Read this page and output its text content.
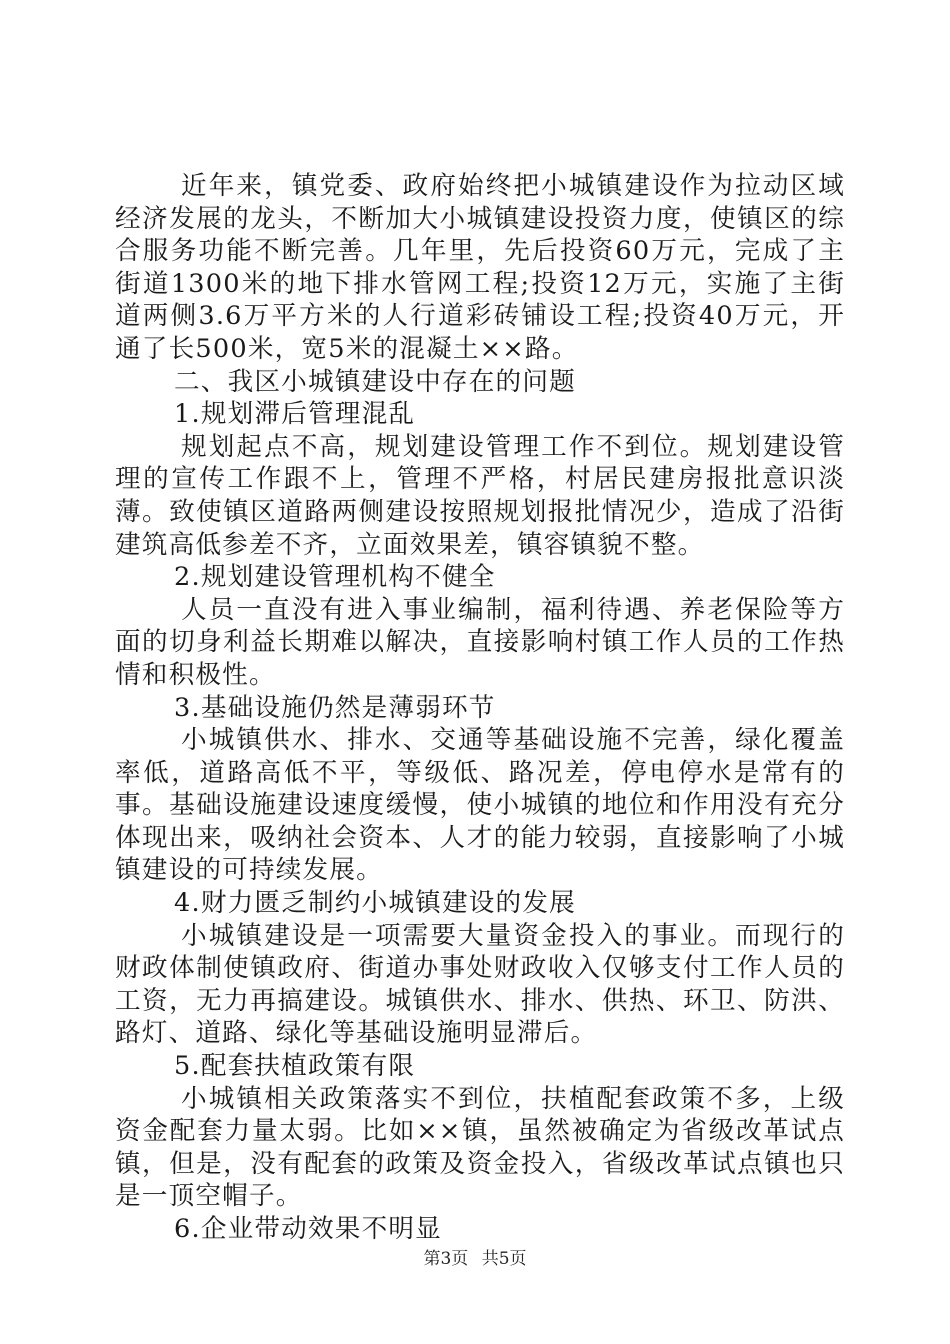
近年来，镇党委、政府始终把小城镇建设作为拉动区域经济发展的龙头，不断加大小城镇建设投资力度，使镇区的综合服务功能不断完善。几年里，先后投资60万元，完成了主街道1300米的地下排水管网工程;投资12万元，实施了主街道两侧3.6万平方米的人行道彩砖铺设工程;投资40万元，开通了长500米，宽5米的混凝土××路。

二、我区小城镇建设中存在的问题

1.规划滞后管理混乱

规划起点不高，规划建设管理工作不到位。规划建设管理的宣传工作跟不上，管理不严格，村居民建房报批意识淡薄。致使镇区道路两侧建设按照规划报批情况少，造成了沿街建筑高低参差不齐，立面效果差，镇容镇貌不整。

2.规划建设管理机构不健全

人员一直没有进入事业编制，福利待遇、养老保险等方面的切身利益长期难以解决，直接影响村镇工作人员的工作热情和积极性。

3.基础设施仍然是薄弱环节

小城镇供水、排水、交通等基础设施不完善，绿化覆盖率低，道路高低不平，等级低、路况差，停电停水是常有的事。基础设施建设速度缓慢，使小城镇的地位和作用没有充分体现出来，吸纳社会资本、人才的能力较弱，直接影响了小城镇建设的可持续发展。

4.财力匮乏制约小城镇建设的发展

小城镇建设是一项需要大量资金投入的事业。而现行的财政体制使镇政府、街道办事处财政收入仅够支付工作人员的工资，无力再搞建设。城镇供水、排水、供热、环卫、防洪、路灯、道路、绿化等基础设施明显滞后。

5.配套扶植政策有限

小城镇相关政策落实不到位，扶植配套政策不多，上级资金配套力量太弱。比如××镇，虽然被确定为省级改革试点镇，但是，没有配套的政策及资金投入，省级改革试点镇也只是一顶空帽子。

6.企业带动效果不明显

第3页 共5页
